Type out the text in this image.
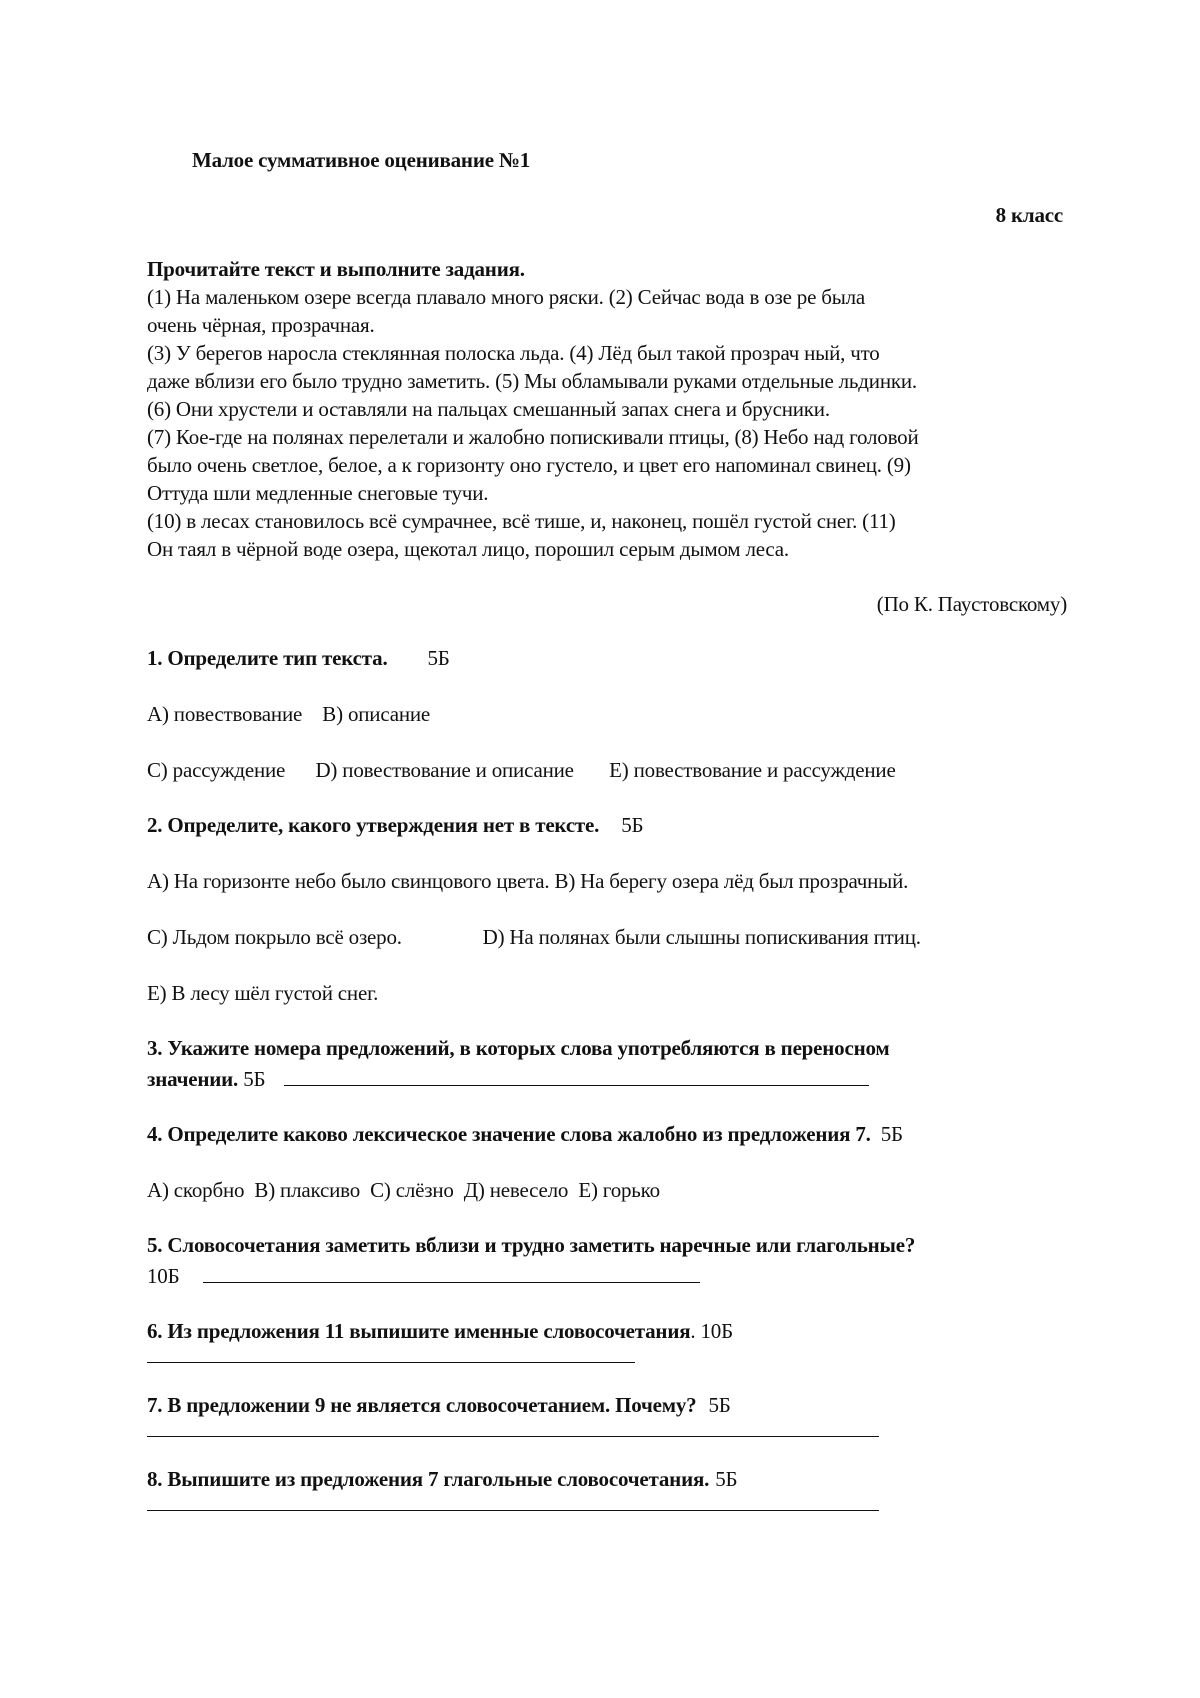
Малое суммативное оценивание №1
8 класс
Прочитайте текст и выполните задания.

(1) На маленьком озере всегда плавало много ряски. (2) Сейчас вода в озе ре была

очень чёрная, прозрачная.

(3) У берегов наросла стеклянная полоска льда. (4) Лёд был такой прозрач ный, что

даже вблизи его было трудно заметить. (5) Мы обламывали руками отдельные льдинки.

(6) Они хрустели и оставляли на пальцах смешанный запах снега и брусники.

(7) Кое-где на полянах перелетали и жалобно попискивали птицы, (8) Небо над головой

было очень светлое, белое, а к горизонту оно густело, и цвет его напоминал свинец. (9)

Оттуда шли медленные снеговые тучи.

(10) в лесах становилось всё сумрачнее, всё тише, и, наконец, пошёл густой снег. (11)

Он таял в чёрной воде озера, щекотал лицо, порошил серым дымом леса.

(По К. Паустовскому)
1. Определите тип текста. 5Б
А) повествование    В) описание
С) рассуждение      D) повествование и описание       Е) повествование и рассуждение
2. Определите, какого утверждения нет в тексте. 5Б
А) На горизонте небо было свинцового цвета. В) На берегу озера лёд был прозрачный.
С) Льдом покрыло всё озеро.                D) На полянах были слышны попискивания птиц.
Е) В лесу шёл густой снег.
3. Укажите номера предложений, в которых слова употребляются в переносном
значении. 5Б
4. Определите каково лексическое значение слова жалобно из предложения 7. 5Б
А) скорбно  В) плаксиво  С) слёзно  Д) невесело  Е) горько
5. Словосочетания заметить вблизи и трудно заметить наречные или глагольные?
10Б
6. Из предложения 11 выпишите именные словосочетания. 10Б
7. В предложении 9 не является словосочетанием. Почему? 5Б
8. Выпишите из предложения 7 глагольные словосочетания. 5Б
